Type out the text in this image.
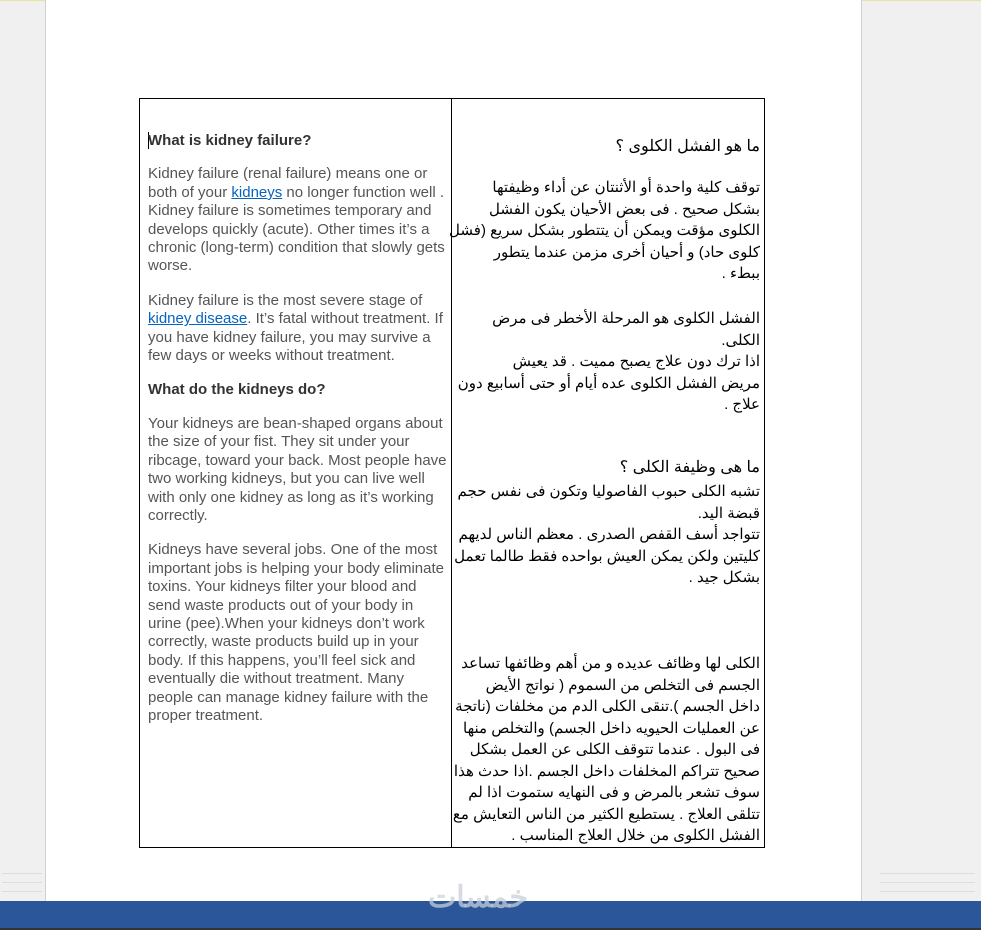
What is kidney failure?

Kidney failure (renal failure) means one or both of your kidneys no longer function well . Kidney failure is sometimes temporary and develops quickly (acute). Other times it’s a chronic (long-term) condition that slowly gets worse.

Kidney failure is the most severe stage of kidney disease. It’s fatal without treatment. If you have kidney failure, you may survive a few days or weeks without treatment.

What do the kidneys do?

Your kidneys are bean-shaped organs about the size of your fist. They sit under your ribcage, toward your back. Most people have two working kidneys, but you can live well with only one kidney as long as it’s working correctly.

Kidneys have several jobs. One of the most important jobs is helping your body eliminate toxins. Your kidneys filter your blood and send waste products out of your body in urine (pee).When your kidneys don’t work correctly, waste products build up in your body. If this happens, you’ll feel sick and eventually die without treatment. Many people can manage kidney failure with the proper treatment.

ما هو الفشل الكلوى ؟
توقف كلية واحدة أو الأثنتان عن أداء وظيفتها
بشكل صحيح . فى بعض الأحيان يكون الفشل
الكلوى مؤقت ويمكن أن يتتطور بشكل سريع (فشل
كلوى حاد) و أحيان أخرى مزمن عندما يتطور
ببطء .
الفشل الكلوى هو المرحلة الأخطر فى مرض
الكلى.
اذا ترك دون علاج يصبح مميت . قد يعيش
مريض الفشل الكلوى عده أيام أو حتى أسابيع دون
علاج .
ما هى وظيفة الكلى ؟
تشبه الكلى حبوب الفاصوليا وتكون فى نفس حجم
قبضة اليد.
تتواجد أسف القفص الصدرى . معظم الناس لديهم
كليتين ولكن يمكن العيش بواحده فقط طالما تعمل
بشكل جيد .
الكلى لها وظائف عديده و من أهم وظائفها تساعد
الجسم فى التخلص من السموم ( نواتج الأيض
داخل الجسم ).تنقى الكلى الدم من مخلفات (ناتجة
عن العمليات الحيويه داخل الجسم) والتخلص منها
فى البول . عندما تتوقف الكلى عن العمل بشكل
صحيح تتراكم المخلفات داخل الجسم .اذا حدث هذا
سوف تشعر بالمرض و فى النهايه ستموت اذا لم
تتلقى العلاج . يستطيع الكثير من الناس التعايش مع
الفشل الكلوى من خلال العلاج المناسب .
خمسات
